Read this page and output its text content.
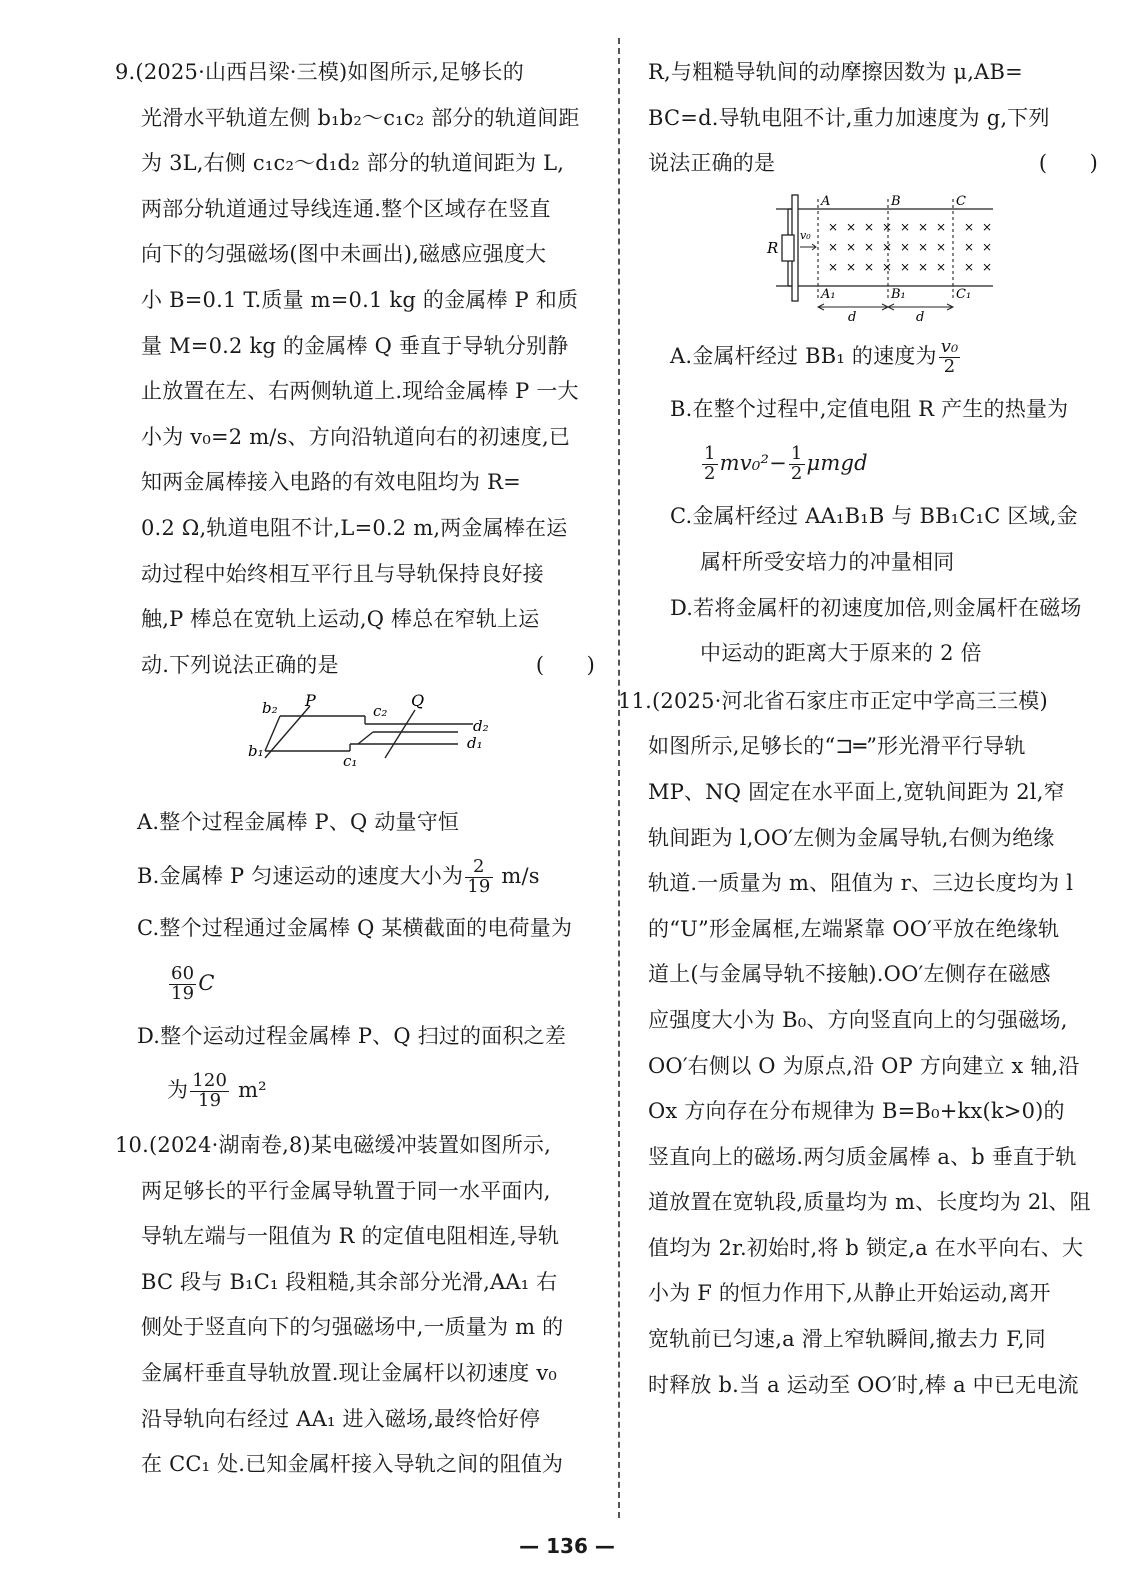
9.(2025·山西吕梁·三模)如图所示,足够长的
光滑水平轨道左侧 b₁b₂～c₁c₂ 部分的轨道间距
为 3L,右侧 c₁c₂～d₁d₂ 部分的轨道间距为 L,
两部分轨道通过导线连通.整个区域存在竖直
向下的匀强磁场(图中未画出),磁感应强度大
小 B=0.1 T.质量 m=0.1 kg 的金属棒 P 和质
量 M=0.2 kg 的金属棒 Q 垂直于导轨分别静
止放置在左、右两侧轨道上.现给金属棒 P 一大
小为 v₀=2 m/s、方向沿轨道向右的初速度,已
知两金属棒接入电路的有效电阻均为 R=
0.2 Ω,轨道电阻不计,L=0.2 m,两金属棒在运
动过程中始终相互平行且与导轨保持良好接
触,P 棒总在宽轨上运动,Q 棒总在窄轨上运
动.下列说法正确的是	(　　)
b₂
b₁
P
c₂
c₁
Q
d₂
d₁
A.整个过程金属棒 P、Q 动量守恒
B.金属棒 P 匀速运动的速度大小为 $\frac{2}{19} m/s$
C.整个过程通过金属棒 Q 某横截面的电荷量为
$\frac{60}{19}$ C
D.整个运动过程金属棒 P、Q 扫过的面积之差
为 $\frac{120}{19} m^2$
10.(2024·湖南卷,8)某电磁缓冲装置如图所示,
两足够长的平行金属导轨置于同一水平面内,
导轨左端与一阻值为 R 的定值电阻相连,导轨
BC 段与 B₁C₁ 段粗糙,其余部分光滑,AA₁ 右
侧处于竖直向下的匀强磁场中,一质量为 m 的
金属杆垂直导轨放置.现让金属杆以初速度 v₀
沿导轨向右经过 AA₁ 进入磁场,最终恰好停
在 CC₁ 处.已知金属杆接入导轨之间的阻值为
R,与粗糙导轨间的动摩擦因数为 μ,AB=
BC=d.导轨电阻不计,重力加速度为 g,下列
说法正确的是	(　　)
× × × × × × × × ×
× × × × × × × × ×
× × × × × × × × ×
R
v₀
A	B	C
A₁	B₁	C₁
d	d
A.金属杆经过 BB₁ 的速度为 $\frac{\text{v₀}}{2}$
B.在整个过程中,定值电阻 R 产生的热量为
$\frac{1}{2} mv_0^2- \frac{1}{2}$ μmgd
C.金属杆经过 AA₁B₁B 与 BB₁C₁C 区域,金
属杆所受安培力的冲量相同
D.若将金属杆的初速度加倍,则金属杆在磁场
中运动的距离大于原来的 2 倍
11.(2025·河北省石家庄市正定中学高三三模)
如图所示,足够长的“⊐═”形光滑平行导轨
MP、NQ 固定在水平面上,宽轨间距为 2l,窄
轨间距为 l,OO′左侧为金属导轨,右侧为绝缘
轨道.一质量为 m、阻值为 r、三边长度均为 l
的“U”形金属框,左端紧靠 OO′平放在绝缘轨
道上(与金属导轨不接触).OO′左侧存在磁感
应强度大小为 B₀、方向竖直向上的匀强磁场,
OO′右侧以 O 为原点,沿 OP 方向建立 x 轴,沿
Ox 方向存在分布规律为 B=B₀+kx(k>0)的
竖直向上的磁场.两匀质金属棒 a、b 垂直于轨
道放置在宽轨段,质量均为 m、长度均为 2l、阻
值均为 2r.初始时,将 b 锁定,a 在水平向右、大
小为 F 的恒力作用下,从静止开始运动,离开
宽轨前已匀速,a 滑上窄轨瞬间,撤去力 F,同
时释放 b.当 a 运动至 OO′时,棒 a 中已无电流
— 136 —
